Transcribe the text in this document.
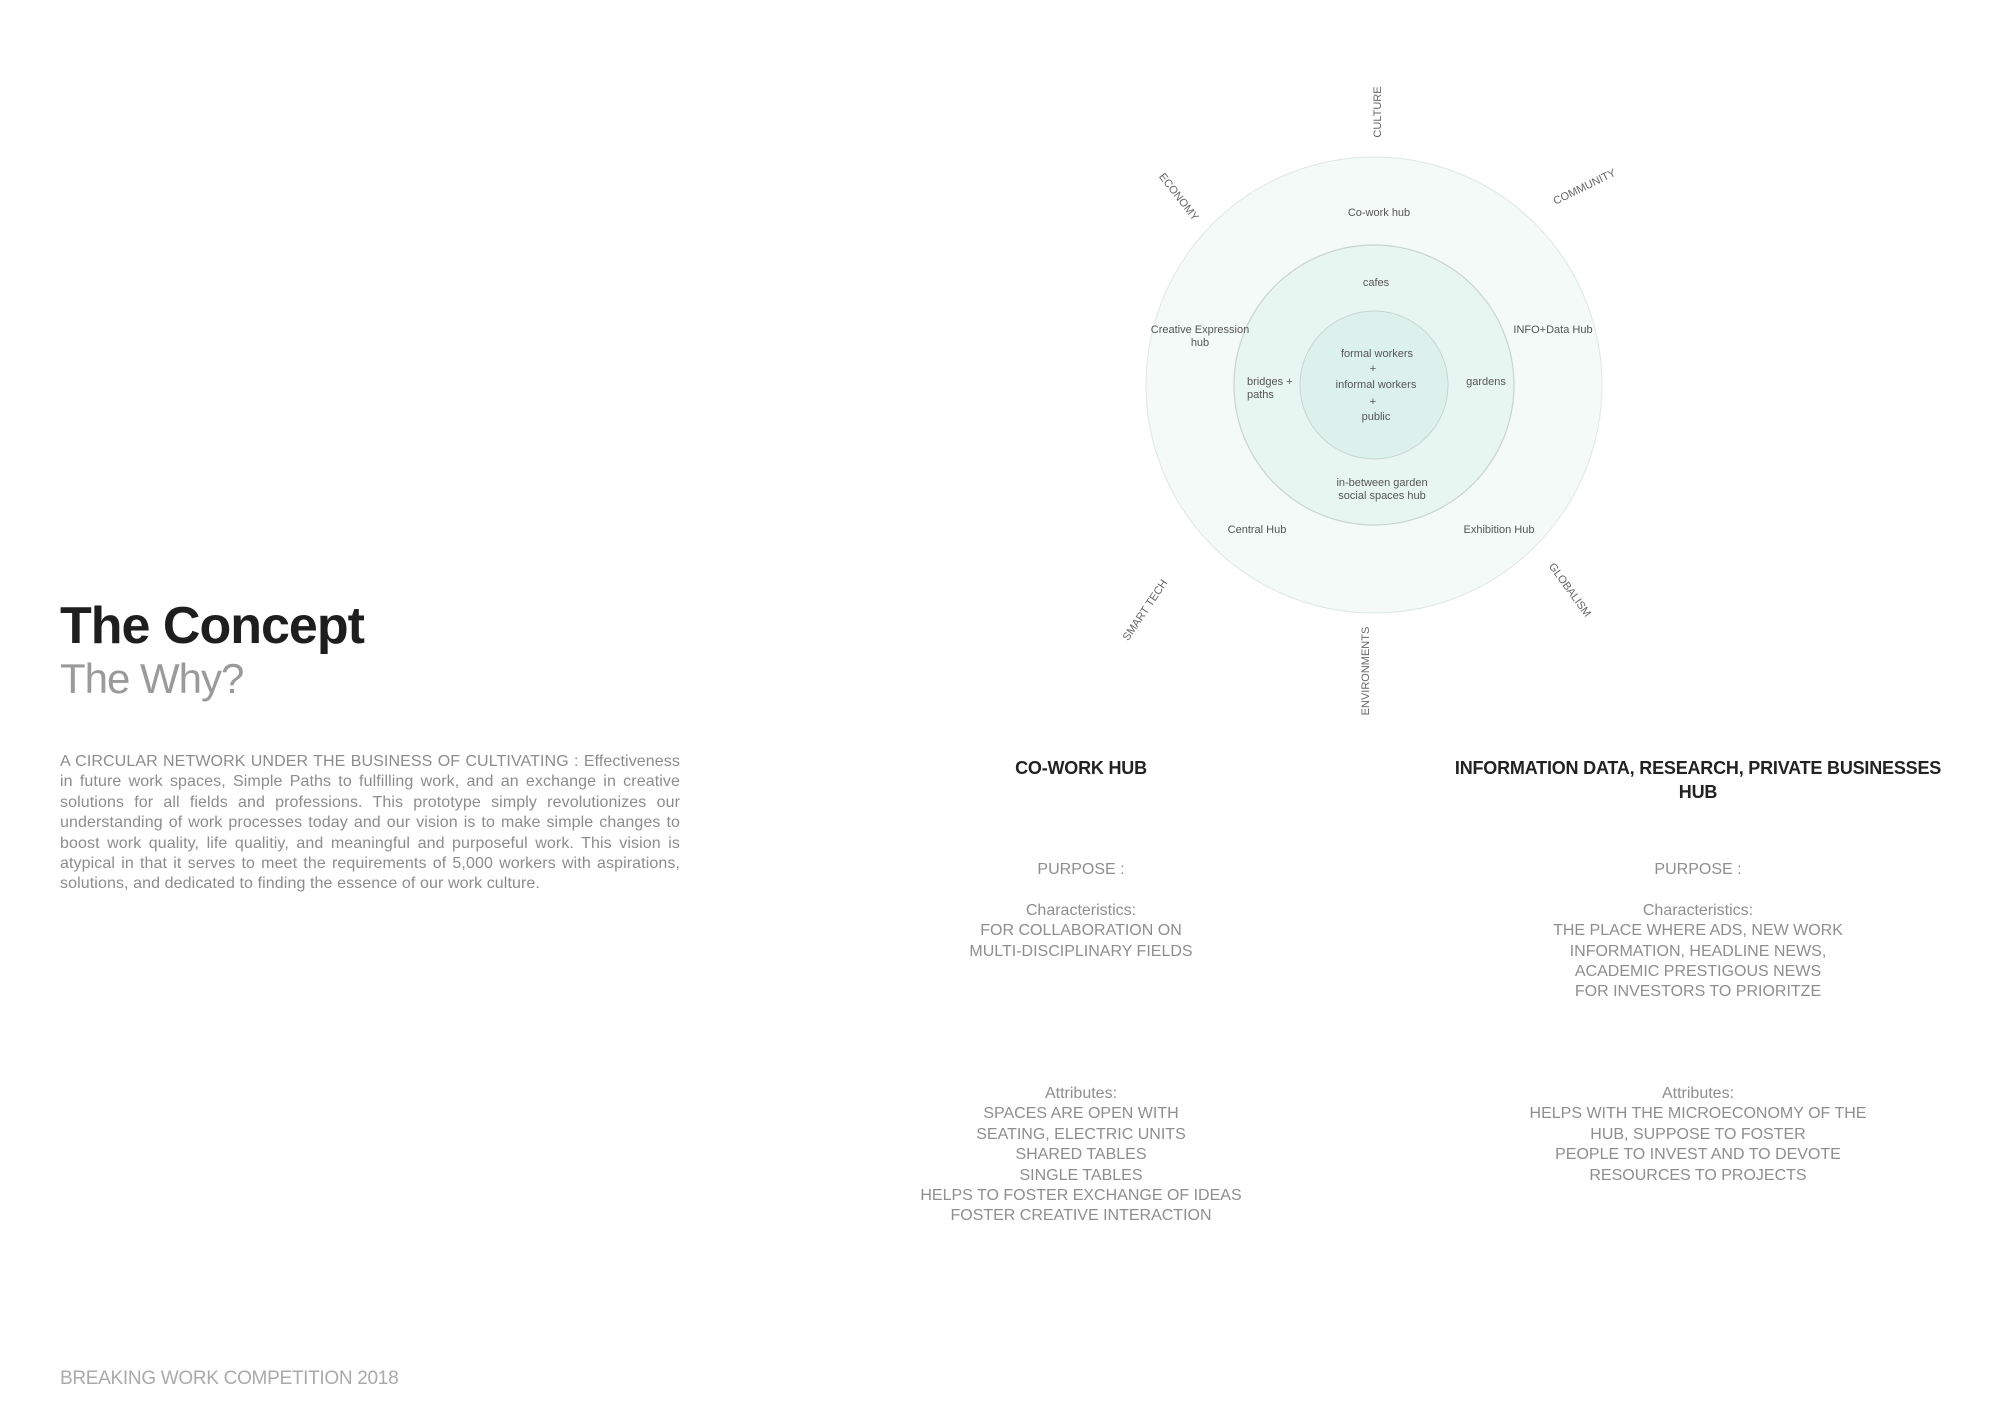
The Concept
The Why?
A CIRCULAR NETWORK UNDER THE BUSINESS OF CULTIVATING : Effectiveness in future work spaces, Simple Paths to fulfilling work, and an exchange in creative solutions for all fields and professions. This prototype simply revolutionizes our understanding of work processes today and our vision is to make simple changes to boost work quality, life qualitiy, and meaningful and purposeful work. This vision is atypical in that it serves to meet the requirements of 5,000 workers with aspirations, solutions, and dedicated to finding the essence of our work culture.
BREAKING WORK COMPETITION 2018
CULTURE
COMMUNITY
ECONOMY
GLOBALISM
SMART TECH
ENVIRONMENTS
Co-work hub
Creative Expression
hub
INFO+Data Hub
Central Hub	Exhibition Hub
cafes
bridges +
paths
gardens
in-between garden
social spaces hub
formal workers
+
informal workers
+
public
CO-WORK HUB
PURPOSE :
Characteristics:
FOR COLLABORATION ON
MULTI-DISCIPLINARY FIELDS
Attributes:
SPACES ARE OPEN WITH
SEATING, ELECTRIC UNITS
SHARED TABLES
SINGLE TABLES
HELPS TO FOSTER EXCHANGE OF IDEAS
FOSTER CREATIVE INTERACTION
INFORMATION DATA, RESEARCH, PRIVATE BUSINESSES
HUB
PURPOSE :
Characteristics:
THE PLACE WHERE ADS, NEW WORK
INFORMATION, HEADLINE NEWS,
ACADEMIC PRESTIGOUS NEWS
FOR INVESTORS TO PRIORITZE
Attributes:
HELPS WITH THE MICROECONOMY OF THE
HUB, SUPPOSE TO FOSTER
PEOPLE TO INVEST AND TO DEVOTE
RESOURCES TO PROJECTS
